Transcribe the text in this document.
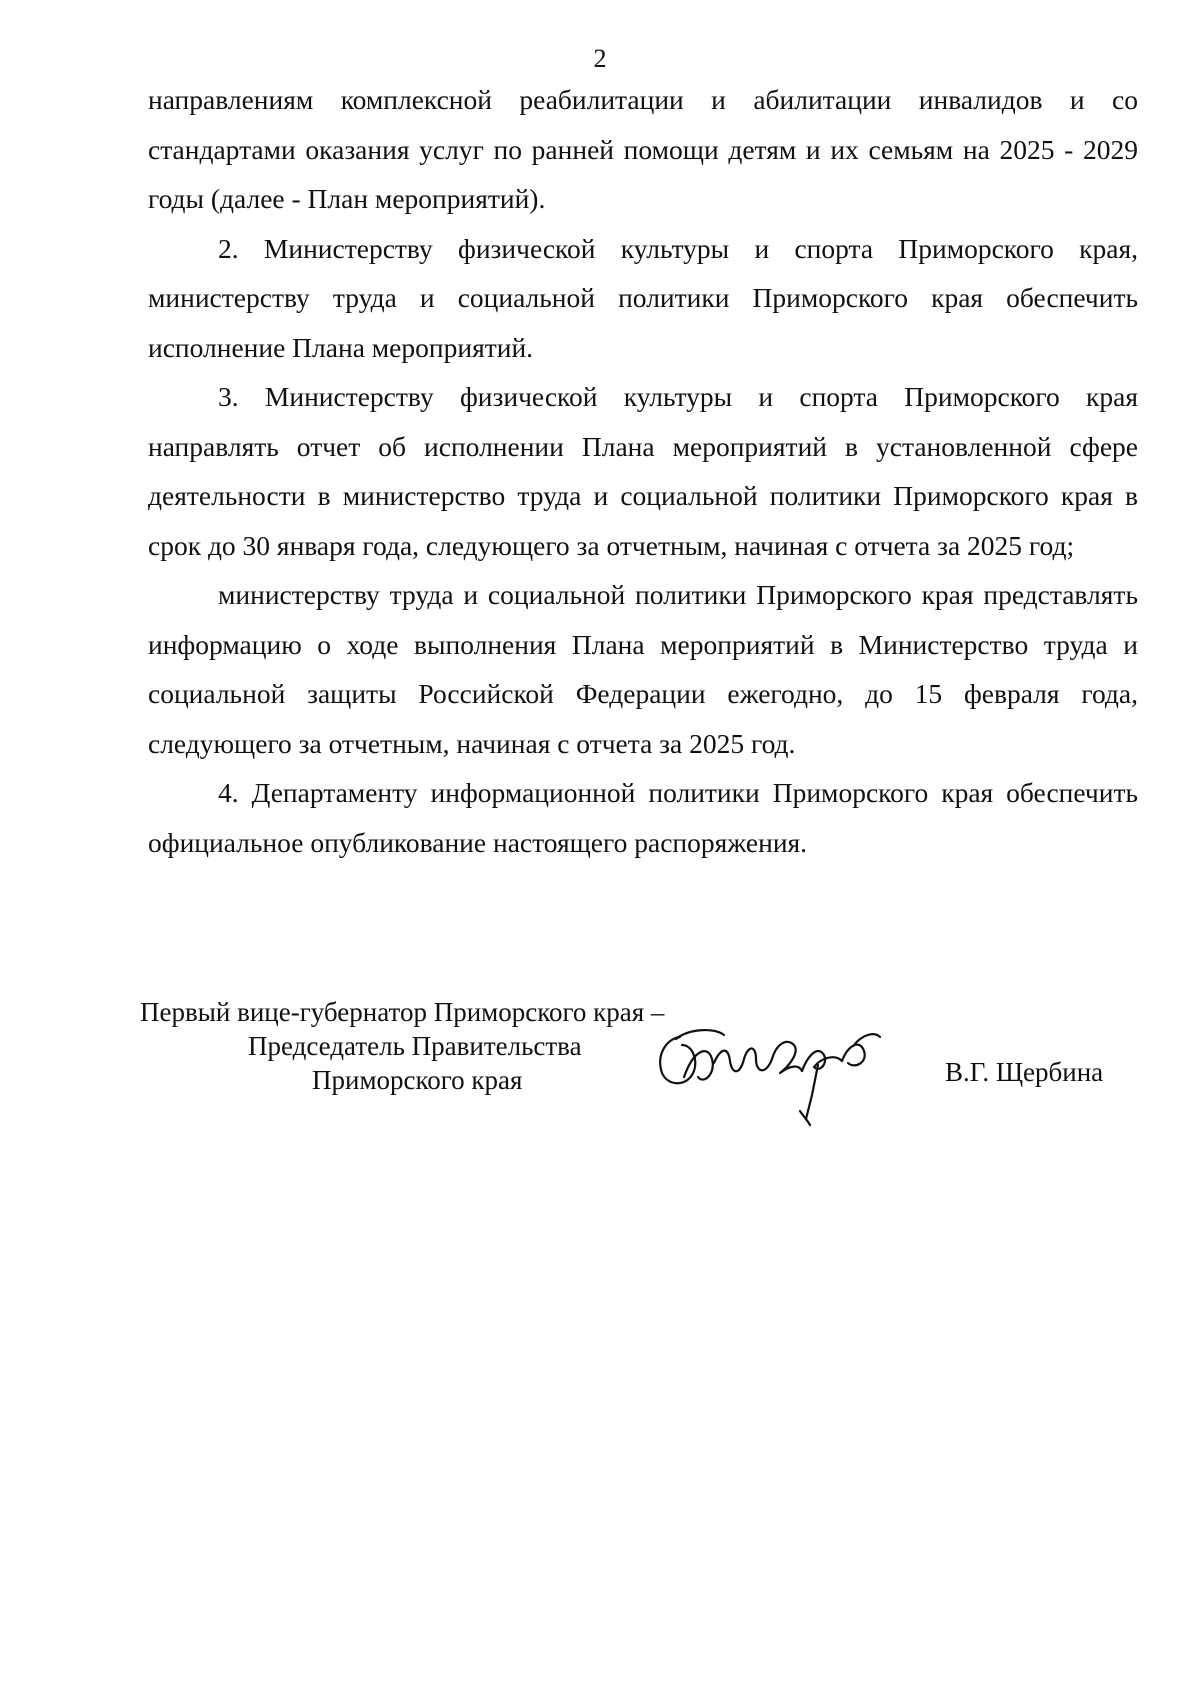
2

направлениям комплексной реабилитации и абилитации инвалидов и со стандартами оказания услуг по ранней помощи детям и их семьям на 2025 - 2029 годы (далее - План мероприятий).

2. Министерству физической культуры и спорта Приморского края, министерству труда и социальной политики Приморского края обеспечить исполнение Плана мероприятий.

3. Министерству физической культуры и спорта Приморского края направлять отчет об исполнении Плана мероприятий в установленной сфере деятельности в министерство труда и социальной политики Приморского края в срок до 30 января года, следующего за отчетным, начиная с отчета за 2025 год;

министерству труда и социальной политики Приморского края представлять информацию о ходе выполнения Плана мероприятий в Министерство труда и социальной защиты Российской Федерации ежегодно, до 15 февраля года, следующего за отчетным, начиная с отчета за 2025 год.

4. Департаменту информационной политики Приморского края обеспечить официальное опубликование настоящего распоряжения.

Первый вице-губернатор Приморского края –
Председатель Правительства
Приморского края	В.Г. Щербина
